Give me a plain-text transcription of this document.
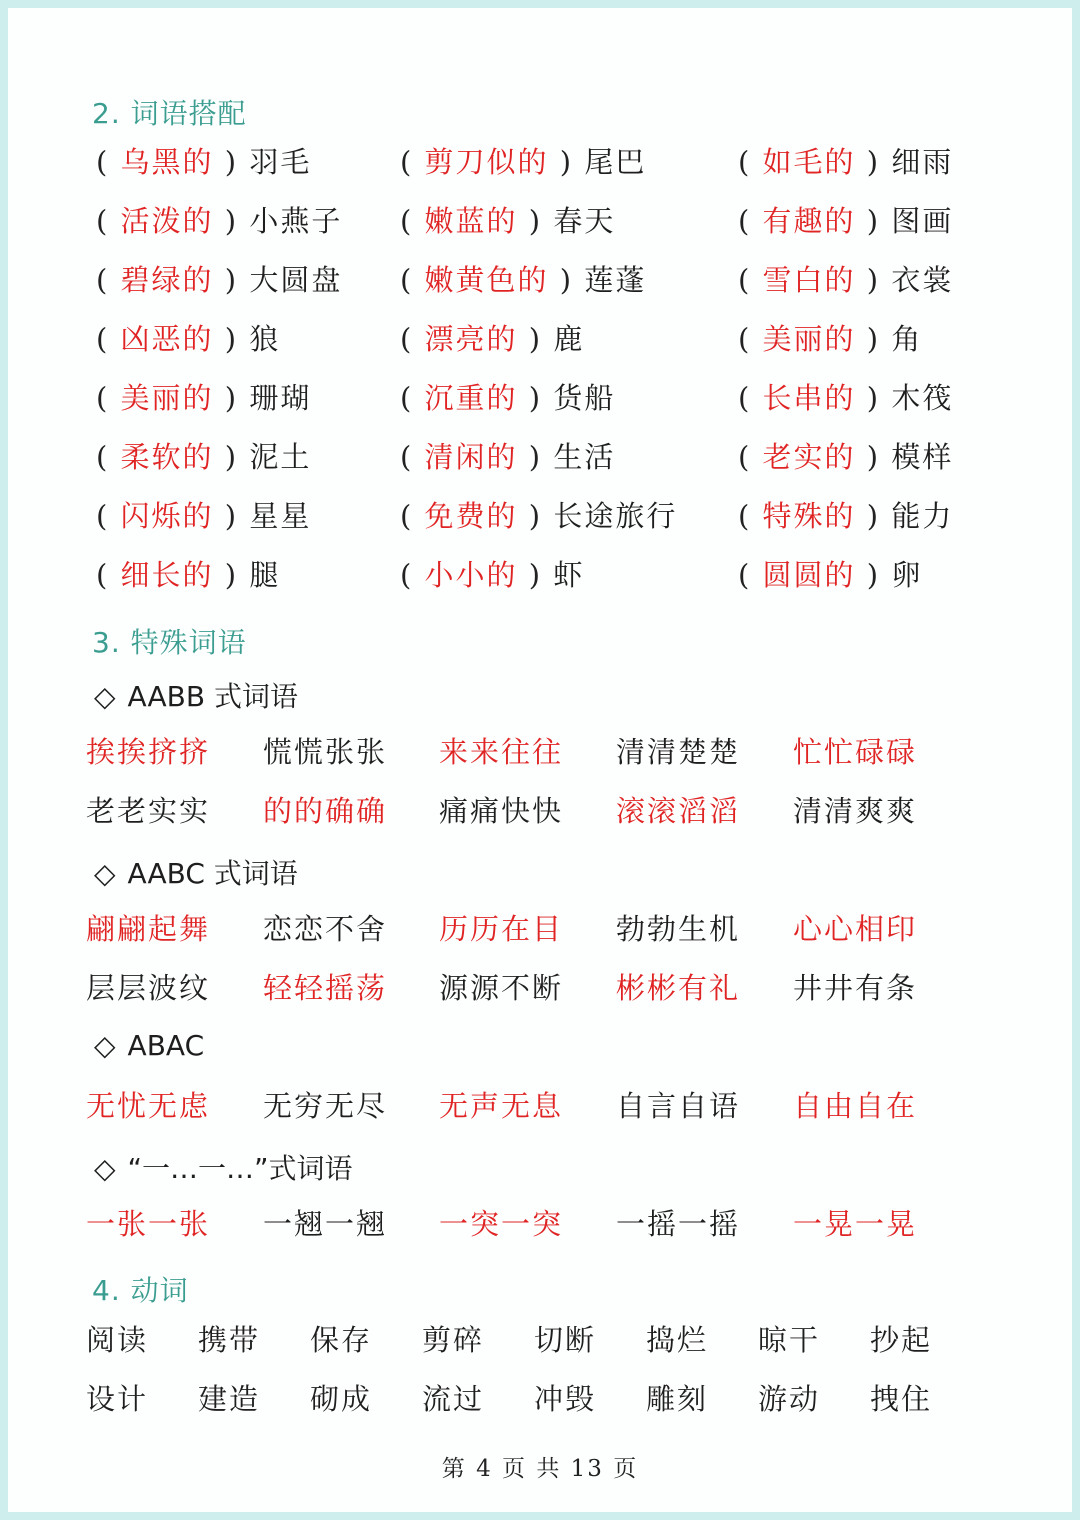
2. 词语搭配
( 乌黑的 ) 羽毛	( 剪刀似的 ) 尾巴	( 如毛的 ) 细雨
( 活泼的 ) 小燕子 ( 嫩蓝的 ) 春天	( 有趣的 ) 图画
( 碧绿的 ) 大圆盘 ( 嫩黄色的 ) 莲蓬	( 雪白的 ) 衣裳
( 凶恶的 ) 狼	( 漂亮的 ) 鹿	( 美丽的 ) 角
( 美丽的 ) 珊瑚	( 沉重的 ) 货船	( 长串的 ) 木筏
( 柔软的 ) 泥土	( 清闲的 ) 生活	( 老实的 ) 模样
( 闪烁的 ) 星星	( 免费的 ) 长途旅行 ( 特殊的 ) 能力
( 细长的 ) 腿	( 小小的 ) 虾	( 圆圆的 ) 卵
3. 特殊词语
◇ AABB 式词语
挨挨挤挤 慌慌张张 来来往往 清清楚楚 忙忙碌碌
老老实实 的的确确 痛痛快快 滚滚滔滔 清清爽爽
◇ AABC 式词语
翩翩起舞 恋恋不舍 历历在目 勃勃生机 心心相印
层层波纹 轻轻摇荡 源源不断 彬彬有礼 井井有条
◇ ABAC
无忧无虑 无穷无尽 无声无息 自言自语 自由自在
◇ “一…一…”式词语
一张一张 一翘一翘 一突一突 一摇一摇 一晃一晃
4. 动词
阅读 携带 保存 剪碎 切断 捣烂 晾干 抄起
设计 建造 砌成 流过 冲毁 雕刻 游动 拽住
第 4 页 共 13 页
